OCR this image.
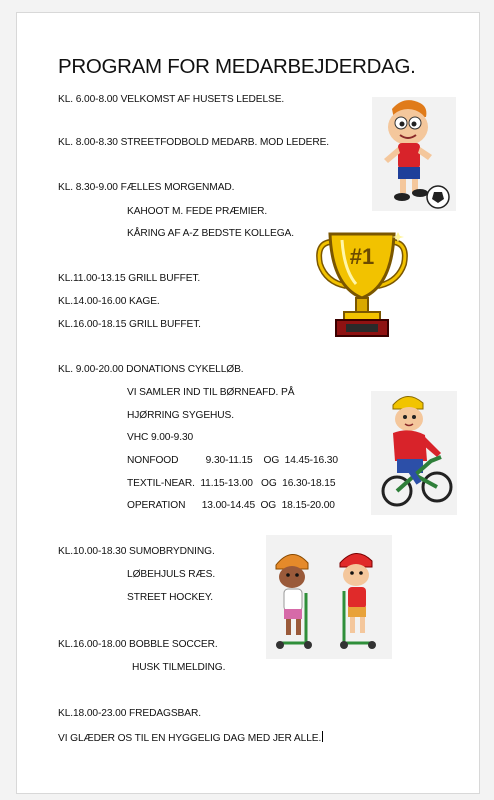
PROGRAM FOR MEDARBEJDERDAG.
KL. 6.00-8.00 VELKOMST AF HUSETS LEDELSE.
KL. 8.00-8.30 STREETFODBOLD MEDARB. MOD LEDERE.
KL. 8.30-9.00 FÆLLES MORGENMAD.
KAHOOT M. FEDE PRÆMIER.
KÅRING AF A-Z BEDSTE KOLLEGA.
KL.11.00-13.15 GRILL BUFFET.
KL.14.00-16.00 KAGE.
KL.16.00-18.15 GRILL BUFFET.
KL. 9.00-20.00 DONATIONS CYKELLØB.
VI SAMLER IND TIL BØRNEAFD. PÅ
HJØRRING SYGEHUS.
VHC 9.00-9.30
NONFOOD          9.30-11.15    OG  14.45-16.30
TEXTIL-NEAR.  11.15-13.00   OG  16.30-18.15
OPERATION      13.00-14.45  OG  18.15-20.00
KL.10.00-18.30 SUMOBRYDNING.
LØBEHJULS RÆS.
STREET HOCKEY.
KL.16.00-18.00 BOBBLE SOCCER.
HUSK TILMELDING.
KL.18.00-23.00 FREDAGSBAR.
VI GLÆDER OS TIL EN HYGGELIG DAG MED JER ALLE.
#1
